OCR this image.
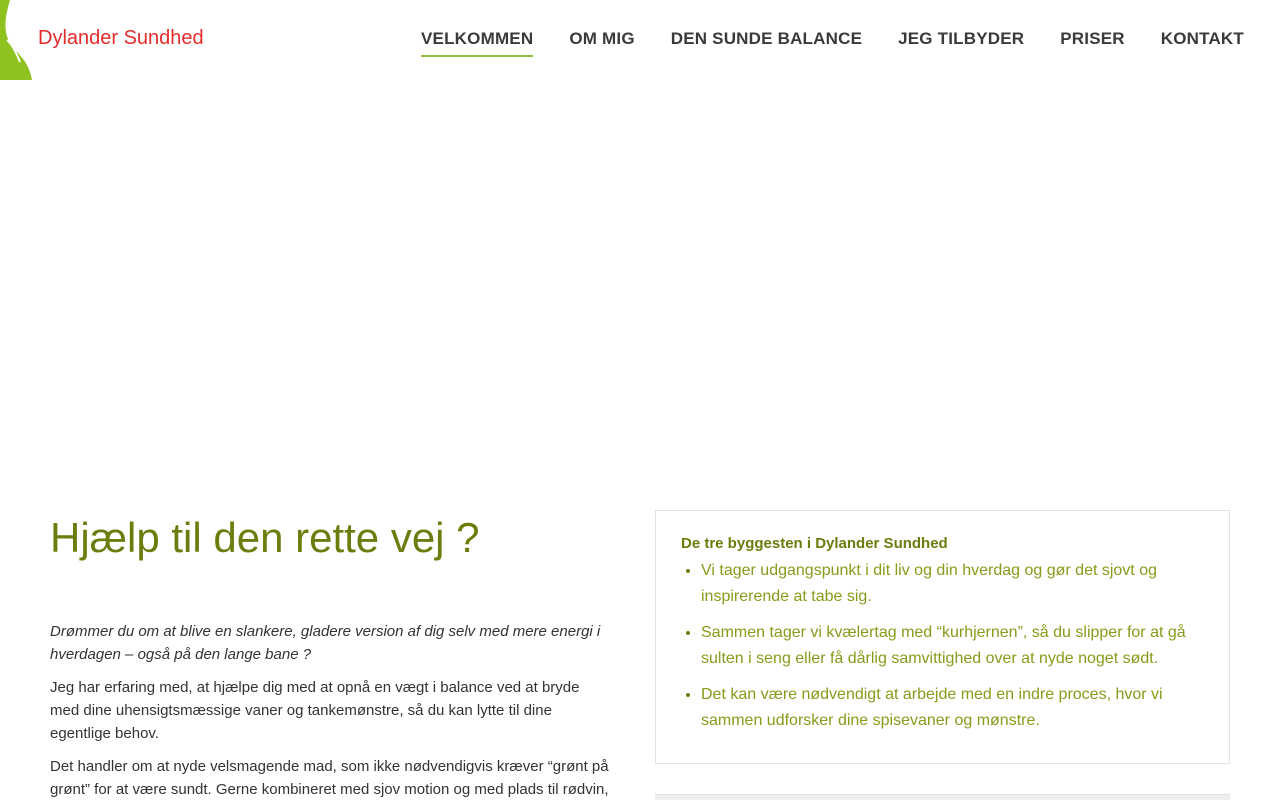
Dylander Sundhed	VELKOMMEN OM MIG DEN SUNDE BALANCE JEG TILBYDER PRISER KONTAKT
Hjælp til den rette vej ?

Drømmer du om at blive en slankere, gladere version af dig selv med mere energi i hverdagen – også på den lange bane ?

Jeg har erfaring med, at hjælpe dig med at opnå en vægt i balance ved at bryde med dine uhensigtsmæssige vaner og tankemønstre, så du kan lytte til dine egentlige behov.

Det handler om at nyde velsmagende mad, som ikke nødvendigvis kræver “grønt på grønt” for at være sundt. Gerne kombineret med sjov motion og med plads til rødvin,

De tre byggesten i Dylander Sundhed
• Vi tager udgangspunkt i dit liv og din hverdag og gør det sjovt og inspirerende at tabe sig.
• Sammen tager vi kvælertag med “kurhjernen”, så du slipper for at gå sulten i seng eller få dårlig samvittighed over at nyde noget sødt.
• Det kan være nødvendigt at arbejde med en indre proces, hvor vi sammen udforsker dine spisevaner og mønstre.
